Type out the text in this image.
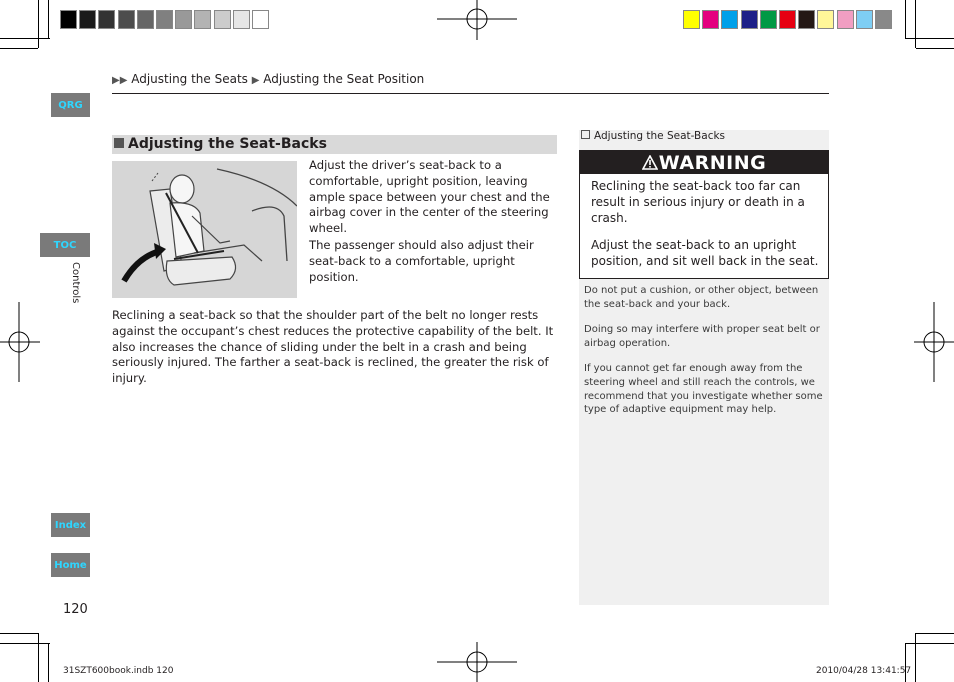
▶▶ Adjusting the Seats ▶ Adjusting the Seat Position
QRG
TOC
Controls
Index
Home
120
Adjusting the Seat-Backs
Adjust the driver’s seat-back to a comfortable, upright position, leaving ample space between your chest and the airbag cover in the center of the steering wheel.
The passenger should also adjust their seat-back to a comfortable, upright position.
Reclining a seat-back so that the shoulder part of the belt no longer rests against the occupant’s chest reduces the protective capability of the belt. It also increases the chance of sliding under the belt in a crash and being seriously injured. The farther a seat-back is reclined, the greater the risk of injury.
Adjusting the Seat-Backs
WARNING
Reclining the seat-back too far can result in serious injury or death in a crash.
Adjust the seat-back to an upright position, and sit well back in the seat.
Do not put a cushion, or other object, between the seat-back and your back.
Doing so may interfere with proper seat belt or airbag operation.
If you cannot get far enough away from the steering wheel and still reach the controls, we recommend that you investigate whether some type of adaptive equipment may help.
31SZT600book.indb 120	2010/04/28 13:41:57
